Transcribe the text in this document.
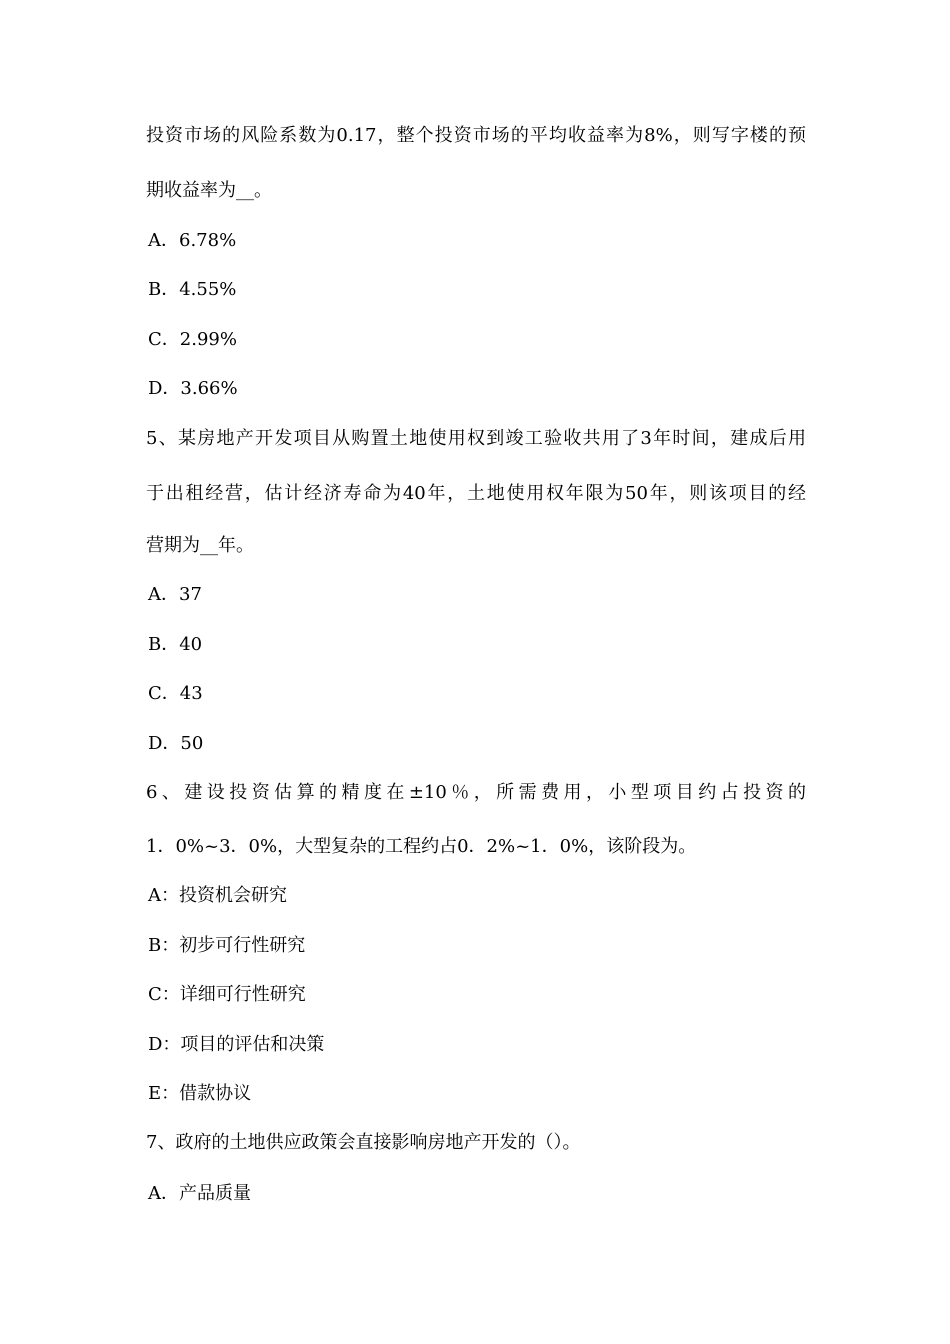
投资市场的风险系数为0.17，整个投资市场的平均收益率为8%，则写字楼的预
期收益率为__。
A．6.78%
B．4.55%
C．2.99%
D．3.66%
5、某房地产开发项目从购置土地使用权到竣工验收共用了3年时间，建成后用
于出租经营，估计经济寿命为40年，土地使用权年限为50年，则该项目的经
营期为__年。
A．37
B．40
C．43
D．50
6、建设投资估算的精度在±10％，所需费用，小型项目约占投资的
1．0%~3．0%，大型复杂的工程约占0．2%~1．0%，该阶段为。
A：投资机会研究
B：初步可行性研究
C：详细可行性研究
D：项目的评估和决策
E：借款协议
7、政府的土地供应政策会直接影响房地产开发的（）。
A．产品质量
